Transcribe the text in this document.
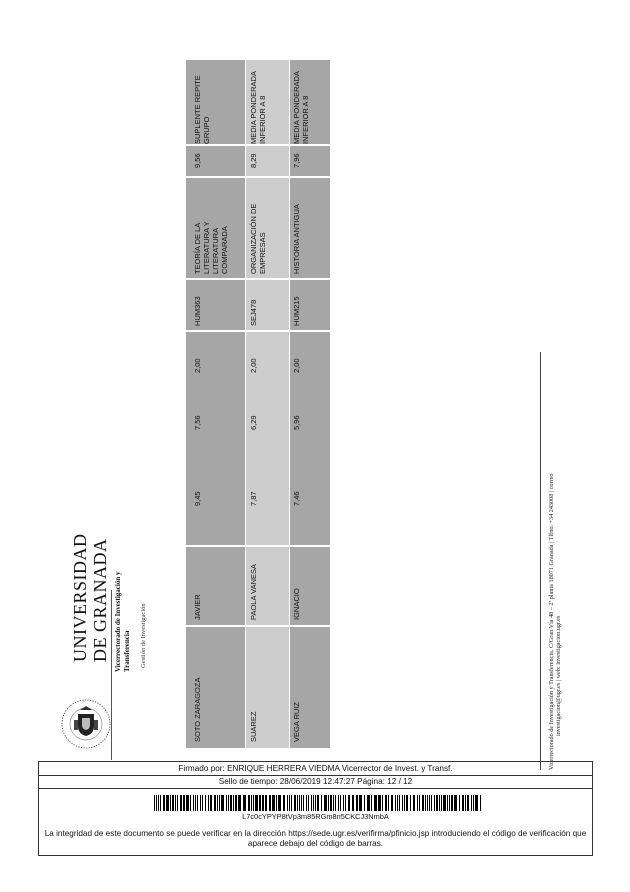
UNIVERSIDAD DE GRANADA Vicerrectorado de Investigación y Transferencia Gestión de Investigación
SUPLENTE REPITE GRUPO
9,56
TEORÍA DE LA LITERATURA Y LITERATURA COMPARADA
HUM363
2,00
7,56
9,45
JAVIER
SOTO ZARAGOZA
MEDIA PONDERADA INFERIOR A 8
8,29
ORGANIZACIÓN DE EMPRESAS
SEJ478
2,00
6,29
7,87
PAOLA VANESA
SUAREZ
MEDIA PONDERADA INFERIOR A 8
7,96
HISTORIA ANTIGUA
HUM215
2,00
5,96
7,46
IGNACIO
VEGA RUIZ	Vicerrectorado de Investigación y Transferencia. C/Gran Vía 48 – 2ª planta 18071 Granada | Tlfno. +34 243008 | correo investigacion@ugr.es | web: investigacion.ugr.es
Firmado por: ENRIQUE HERRERA VIEDMA Vicerrector de Invest. y Transf.
Sello de tiempo: 28/06/2019 12:47:27 Página: 12 / 12
L7c0cYPYP8tVp3m85RGm8n5CKCJ3NmbA
La integridad de este documento se puede verificar en la dirección https://sede.ugr.es/verifirma/pfinicio.jsp introduciendo el código de verificación que aparece debajo del código de barras.
